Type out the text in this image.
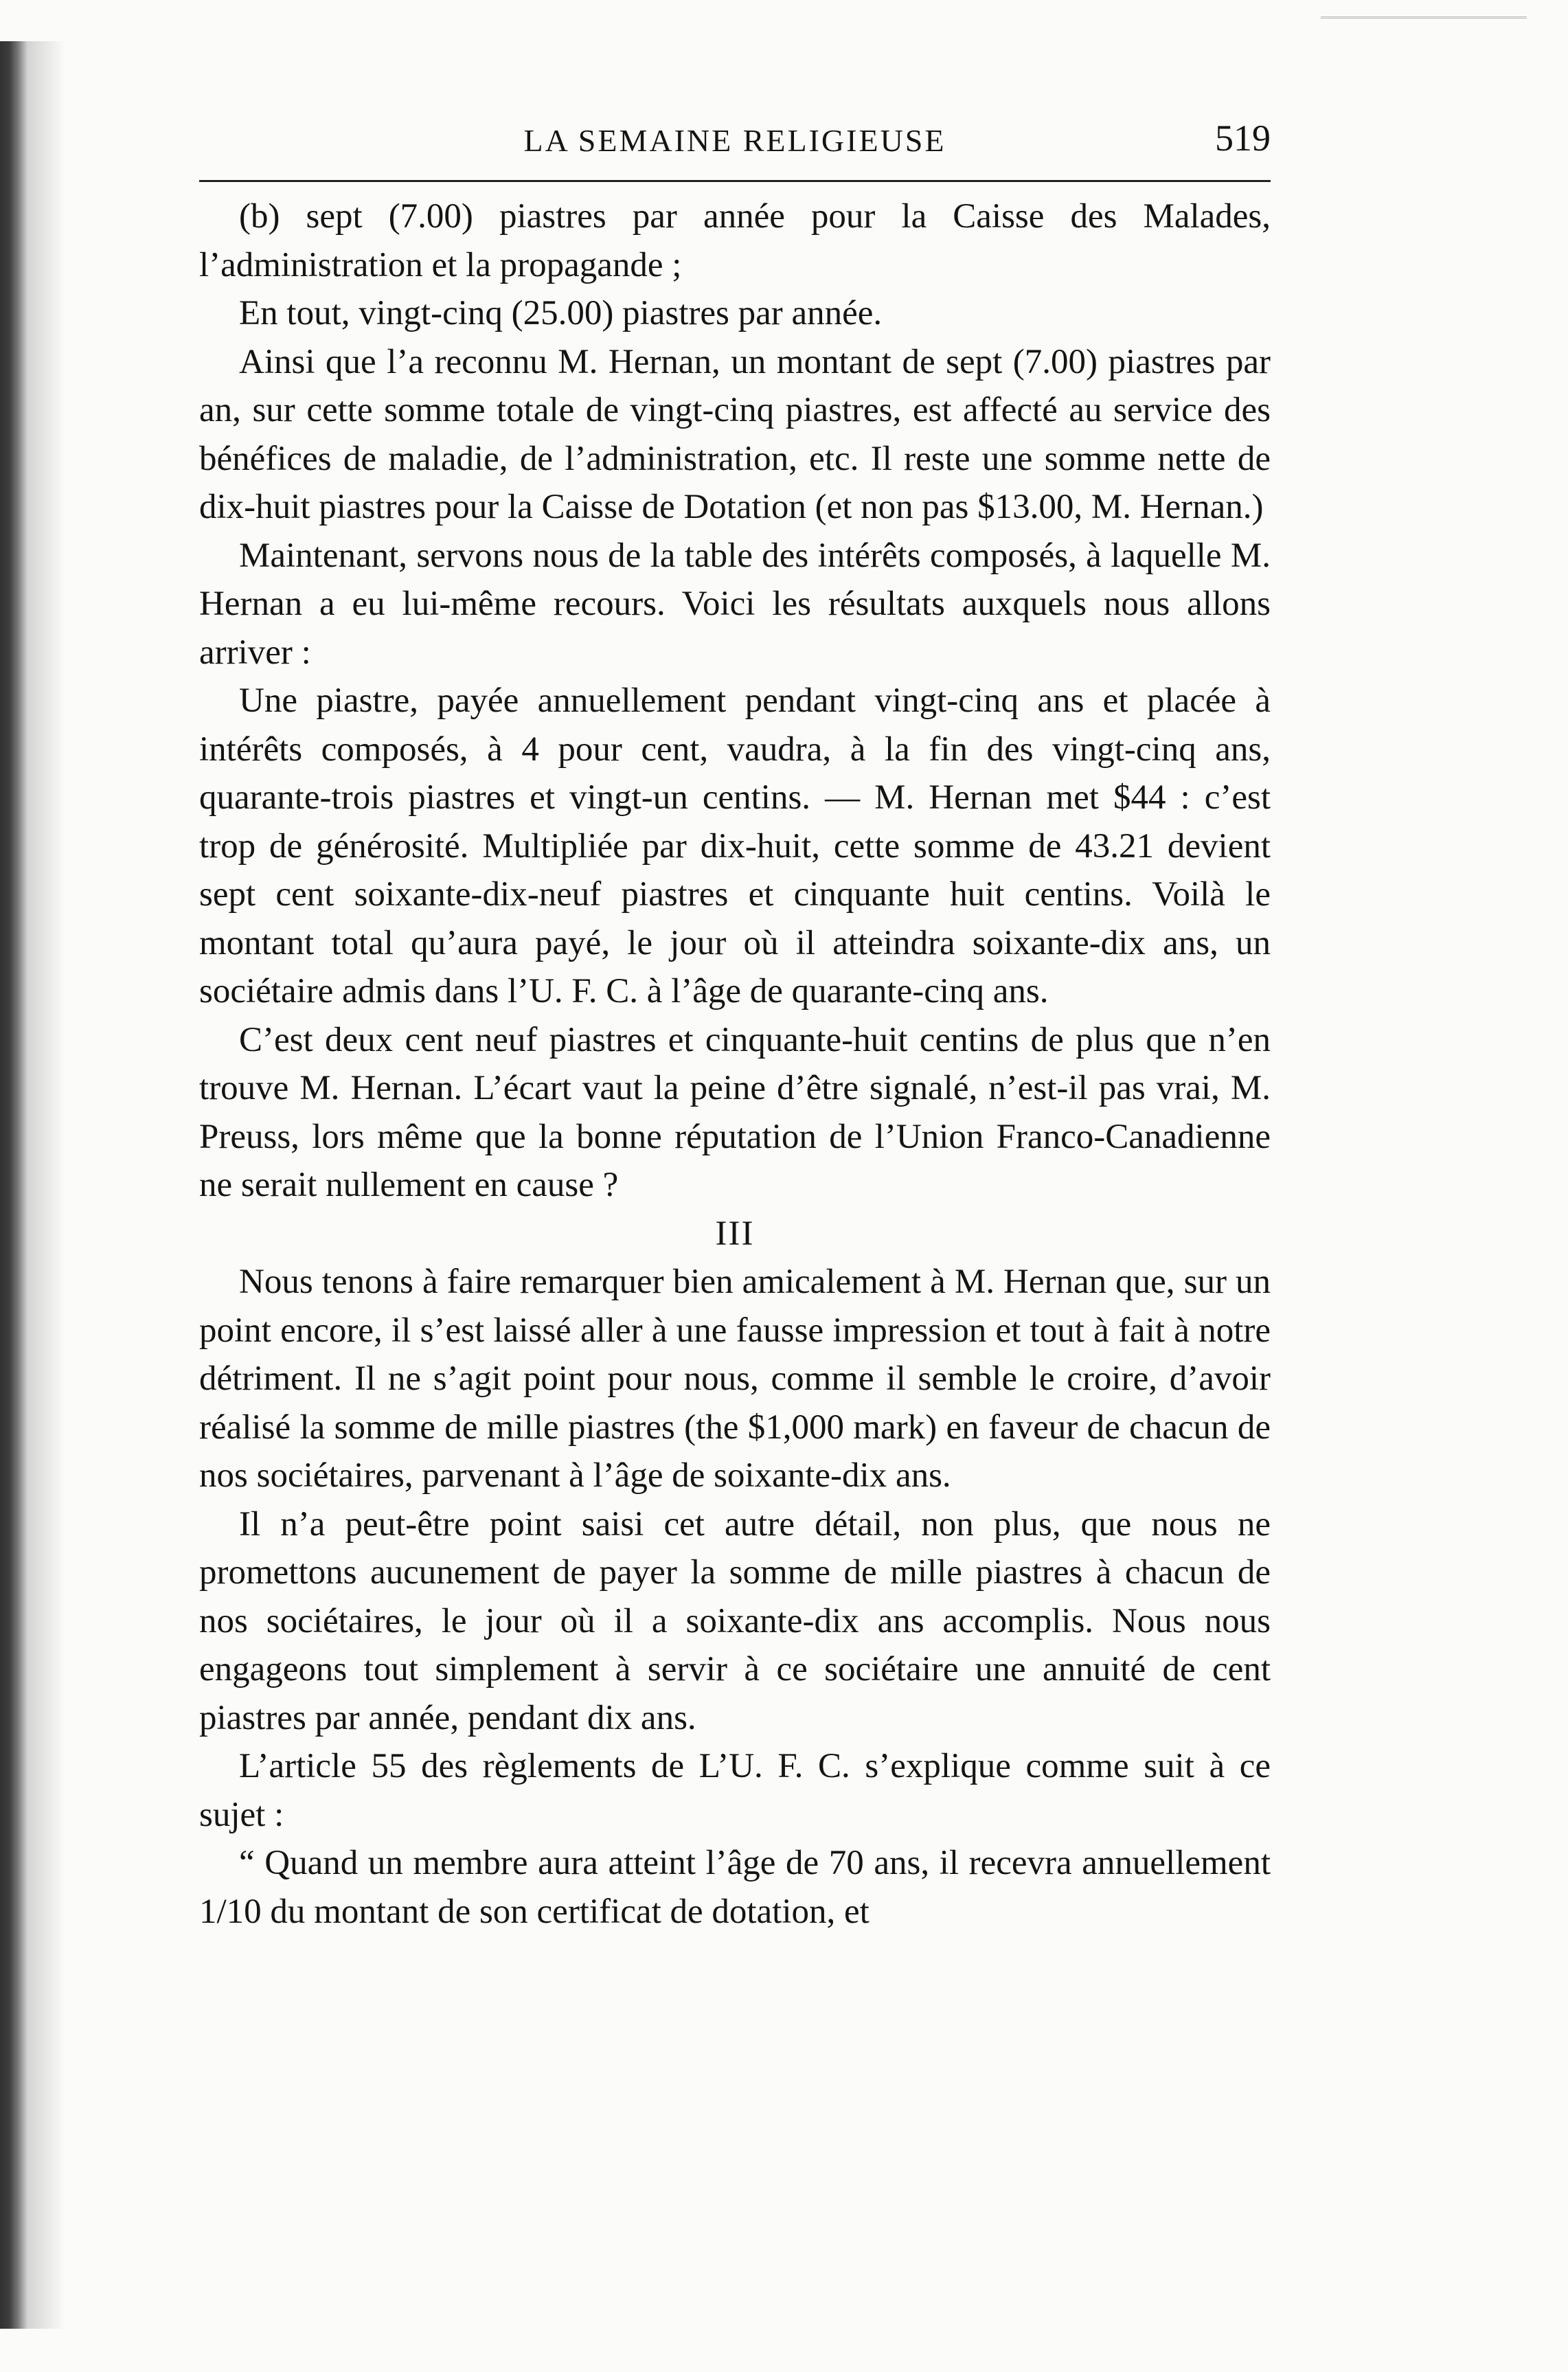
LA SEMAINE RELIGIEUSE	519

(b) sept (7.00) piastres par année pour la Caisse des Malades, l’administration et la propagande ;

En tout, vingt-cinq (25.00) piastres par année.

Ainsi que l’a reconnu M. Hernan, un montant de sept (7.00) piastres par an, sur cette somme totale de vingt-cinq piastres, est affecté au service des bénéfices de maladie, de l’administration, etc. Il reste une somme nette de dix-huit piastres pour la Caisse de Dotation (et non pas $13.00, M. Hernan.)

Maintenant, servons nous de la table des intérêts composés, à laquelle M. Hernan a eu lui-même recours. Voici les résultats auxquels nous allons arriver :

Une piastre, payée annuellement pendant vingt-cinq ans et placée à intérêts composés, à 4 pour cent, vaudra, à la fin des vingt-cinq ans, quarante-trois piastres et vingt-un centins. — M. Hernan met $44 : c’est trop de générosité. Multipliée par dix-huit, cette somme de 43.21 devient sept cent soixante-dix-neuf piastres et cinquante huit centins. Voilà le montant total qu’aura payé, le jour où il atteindra soixante-dix ans, un sociétaire admis dans l’U. F. C. à l’âge de quarante-cinq ans.

C’est deux cent neuf piastres et cinquante-huit centins de plus que n’en trouve M. Hernan. L’écart vaut la peine d’être signalé, n’est-il pas vrai, M. Preuss, lors même que la bonne réputation de l’Union Franco-Canadienne ne serait nullement en cause ?

III

Nous tenons à faire remarquer bien amicalement à M. Hernan que, sur un point encore, il s’est laissé aller à une fausse impression et tout à fait à notre détriment. Il ne s’agit point pour nous, comme il semble le croire, d’avoir réalisé la somme de mille piastres (the $1,000 mark) en faveur de chacun de nos sociétaires, parvenant à l’âge de soixante-dix ans.

Il n’a peut-être point saisi cet autre détail, non plus, que nous ne promettons aucunement de payer la somme de mille piastres à chacun de nos sociétaires, le jour où il a soixante-dix ans accomplis. Nous nous engageons tout simplement à servir à ce sociétaire une annuité de cent piastres par année, pendant dix ans.

L’article 55 des règlements de L’U. F. C. s’explique comme suit à ce sujet :

“ Quand un membre aura atteint l’âge de 70 ans, il recevra annuellement 1/10 du montant de son certificat de dotation, et
